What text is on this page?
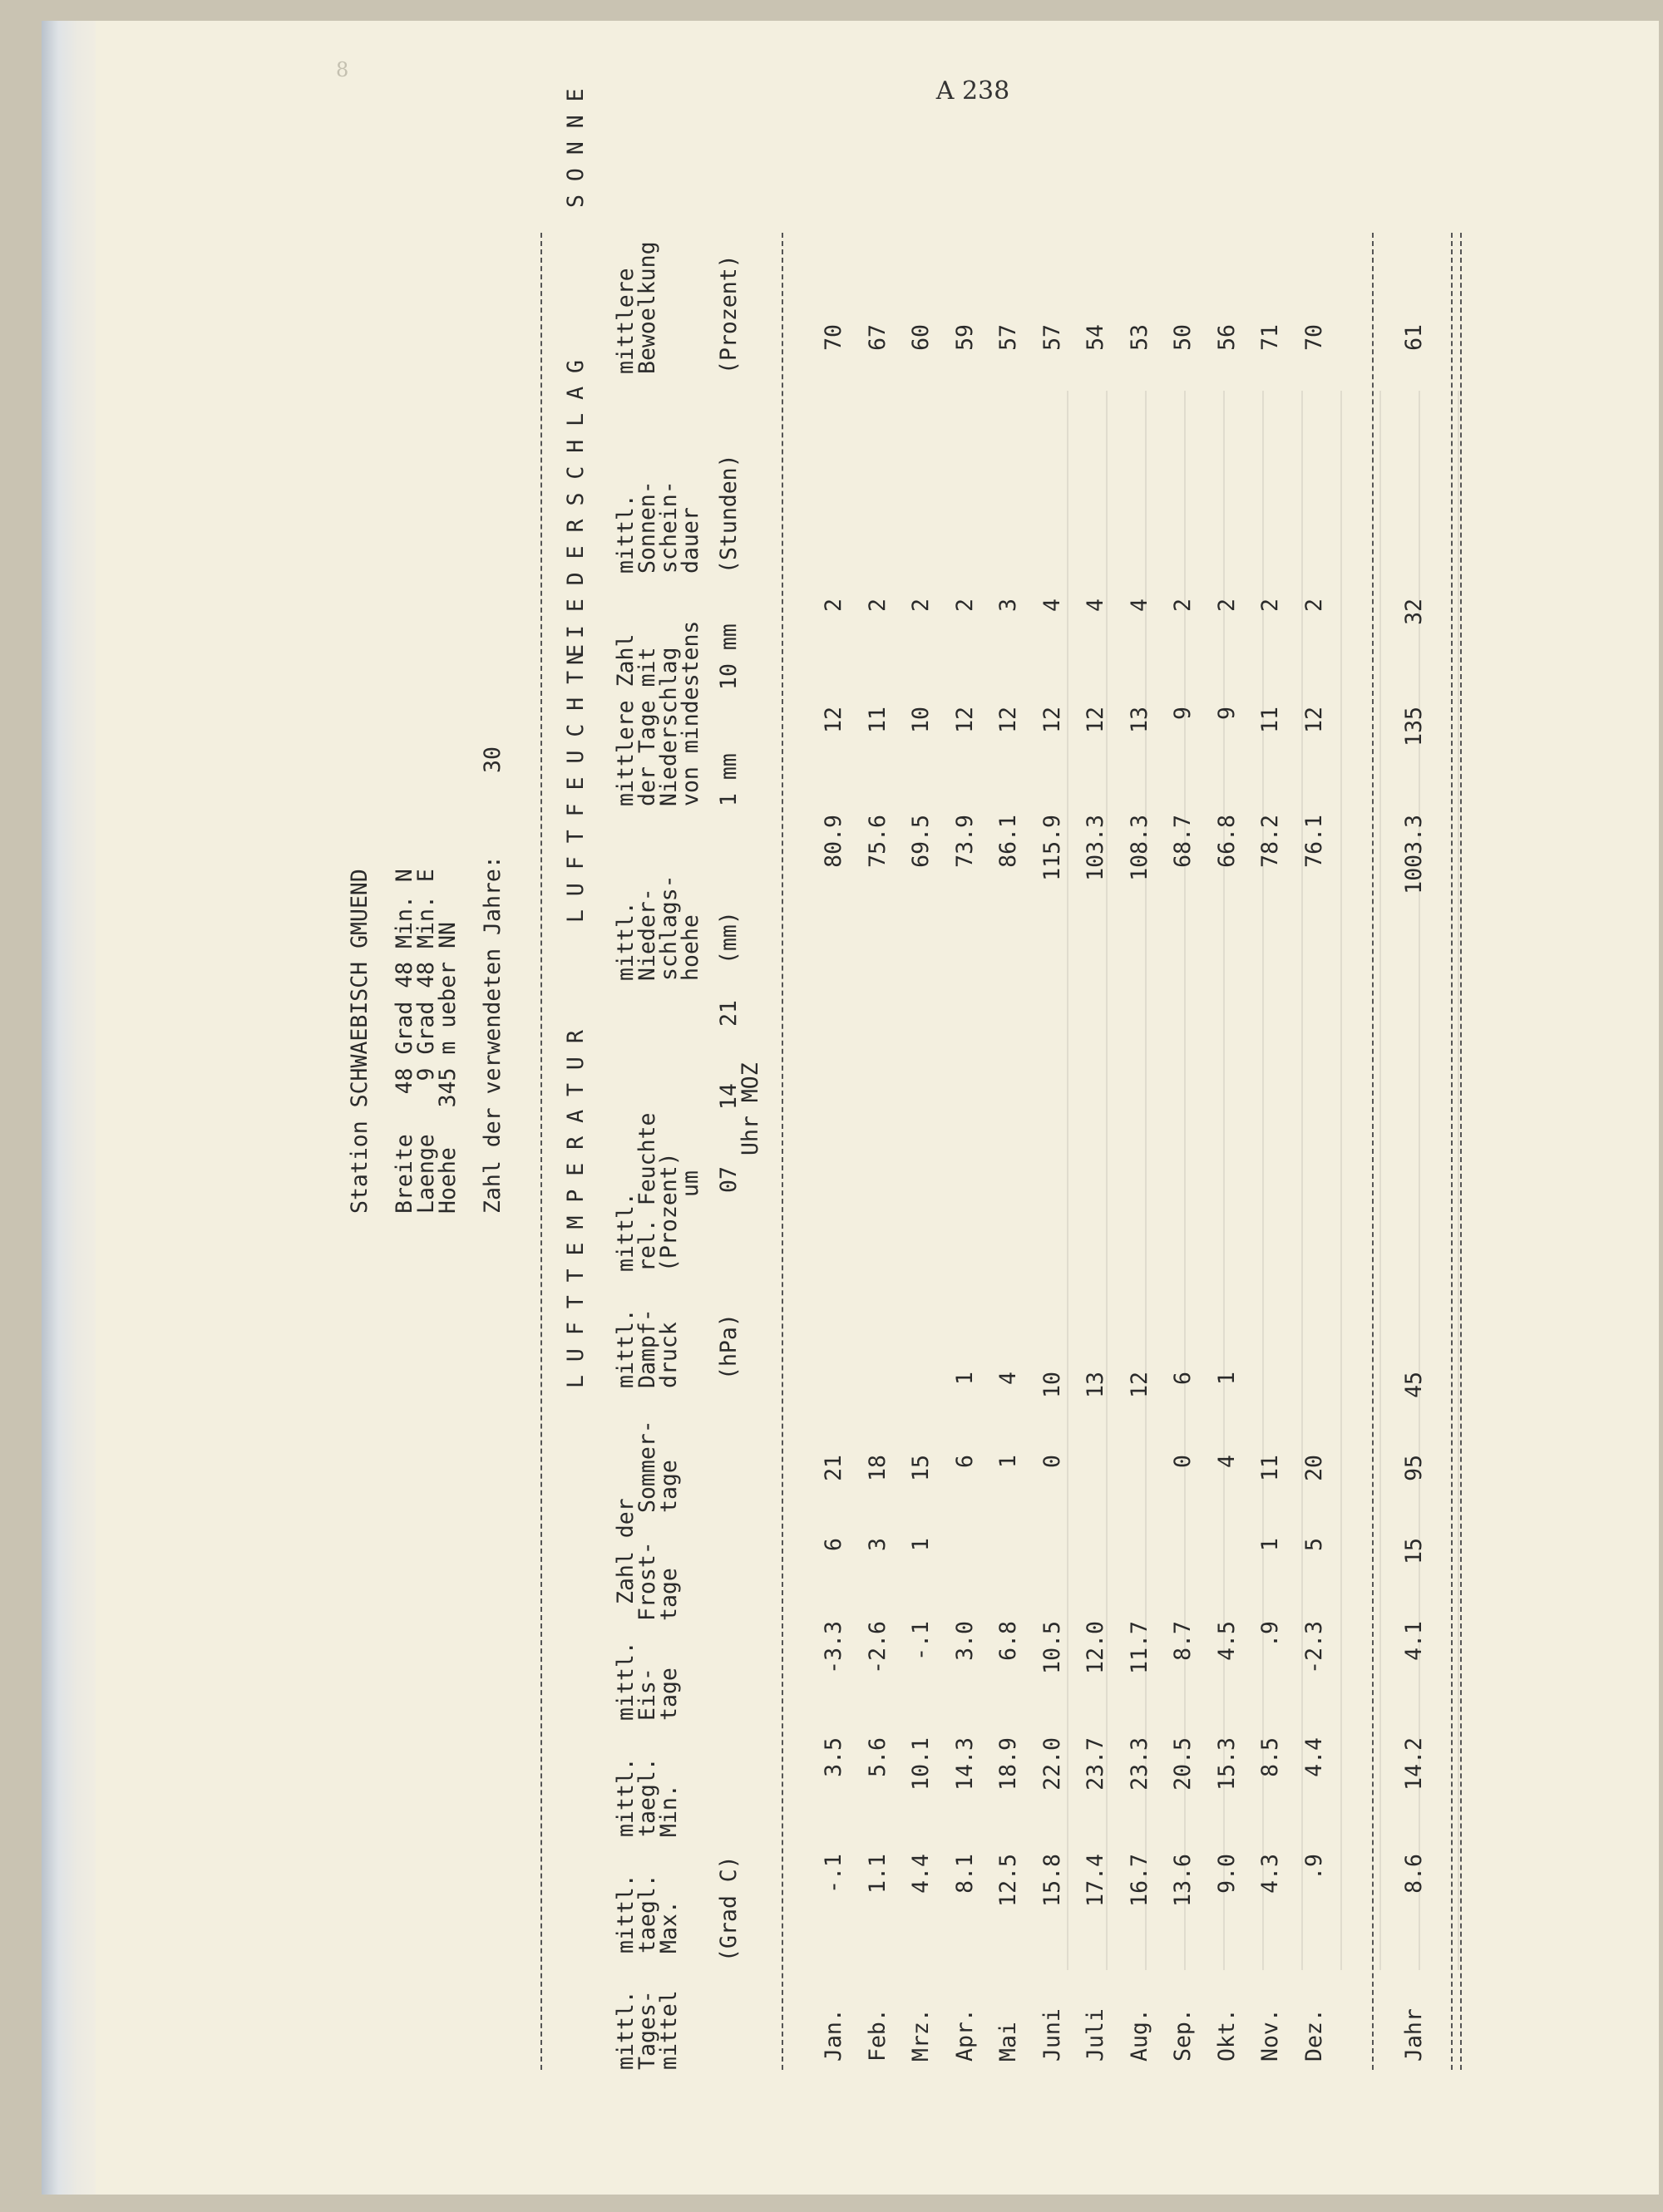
8
A 238
Station SCHWAEBISCH GMUEND Breite   48 Grad 48 Min. N
Laenge    9 Grad 48 Min. E
Hoehe   345 m ueber NN Zahl der verwendeten Jahre:
30
L U F T T E M P E R A T U R
L U F T F E U C H T E
N I E D E R S C H L A G
S O N N E
mittl.
Tages-
mittel
mittl.
taegl.
Max.
mittl.
taegl.
Min.
mittl.
Eis-
tage
(Grad C)
Zahl der
Frost-
tage
Sommer-
tage
mittl.
Dampf-
druck (hPa)
mittl.
rel. Feuchte
(Prozent)
um 07
14
21
Uhr MOZ
mittl.
Nieder-
schlags-
hoehe (mm)
mittlere Zahl
der Tage mit
Niederschlag
von mindestens 1 mm
10 mm
mittl.
Sonnen-
schein-
dauer (Stunden)
mittlere
Bewoelkung	(Prozent)
Jan.
-.1
3.5
-3.3
6
21
80.9
12
2
70
Feb.
1.1
5.6
-2.6
3
18
75.6
11
2
67
Mrz.
4.4
10.1
-.1
1
15
69.5
10
2
60
Apr.
8.1
14.3
3.0
6
1
73.9
12
2
59
Mai
12.5
18.9
6.8
1
4
86.1
12
3
57
Juni
15.8
22.0
10.5
0
10
115.9
12
4
57
Juli
17.4
23.7
12.0
13
103.3
12
4
54
Aug.
16.7
23.3
11.7
12
108.3
13
4
53
Sep.
13.6
20.5
8.7
0
6
68.7
9
2
50
Okt.
9.0
15.3
4.5
4
1
66.8
9
2
56
Nov.
4.3
8.5
.9
1
11
78.2
11
2
71
Dez.
.9
4.4
-2.3
5
20
76.1
12
2
70
Jahr
8.6
14.2
4.1
15
95
45
1003.3
135
32
61
